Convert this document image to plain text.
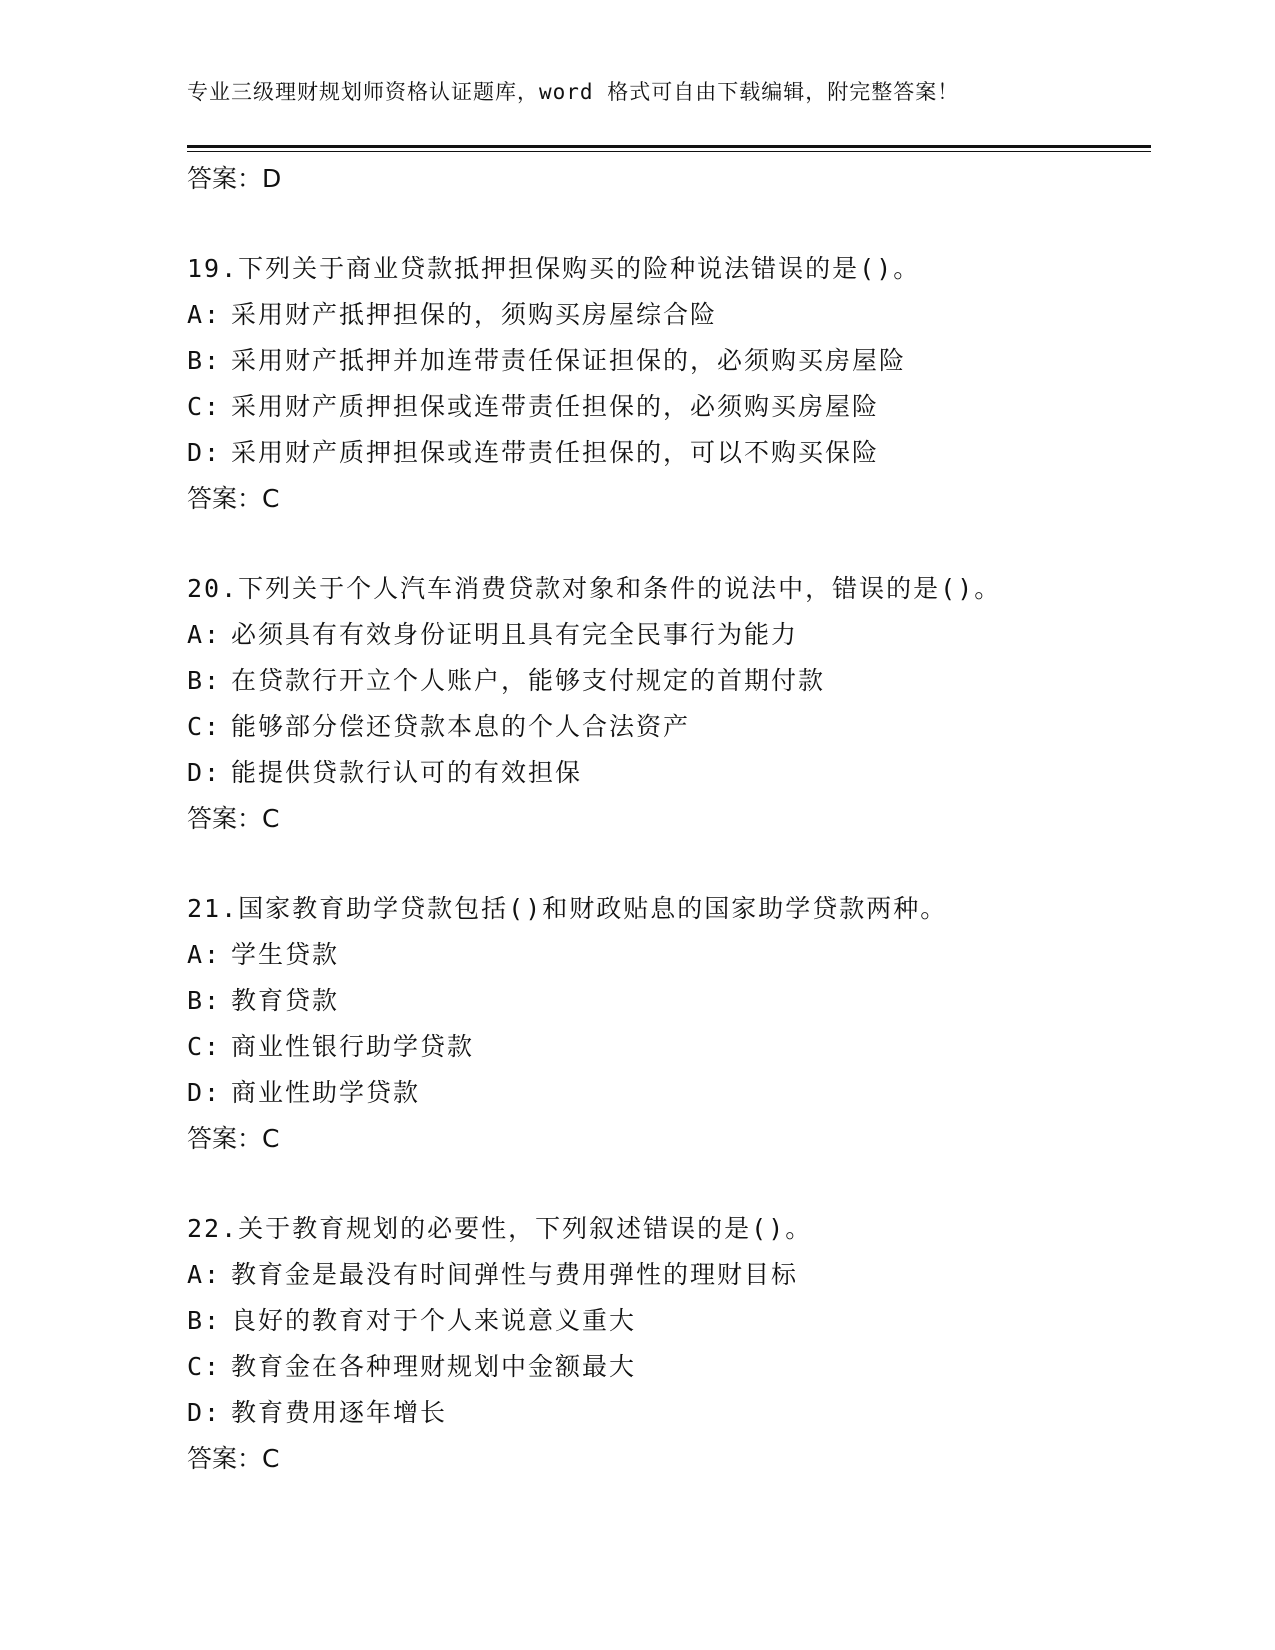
专业三级理财规划师资格认证题库，word 格式可自由下载编辑，附完整答案！
答案：D
19.下列关于商业贷款抵押担保购买的险种说法错误的是()。
A: 采用财产抵押担保的，须购买房屋综合险
B: 采用财产抵押并加连带责任保证担保的，必须购买房屋险
C: 采用财产质押担保或连带责任担保的，必须购买房屋险
D: 采用财产质押担保或连带责任担保的，可以不购买保险
答案：C
20.下列关于个人汽车消费贷款对象和条件的说法中，错误的是()。
A: 必须具有有效身份证明且具有完全民事行为能力
B: 在贷款行开立个人账户，能够支付规定的首期付款
C: 能够部分偿还贷款本息的个人合法资产
D: 能提供贷款行认可的有效担保
答案：C
21.国家教育助学贷款包括()和财政贴息的国家助学贷款两种。
A: 学生贷款
B: 教育贷款
C: 商业性银行助学贷款
D: 商业性助学贷款
答案：C
22.关于教育规划的必要性，下列叙述错误的是()。
A: 教育金是最没有时间弹性与费用弹性的理财目标
B: 良好的教育对于个人来说意义重大
C: 教育金在各种理财规划中金额最大
D: 教育费用逐年增长
答案：C
